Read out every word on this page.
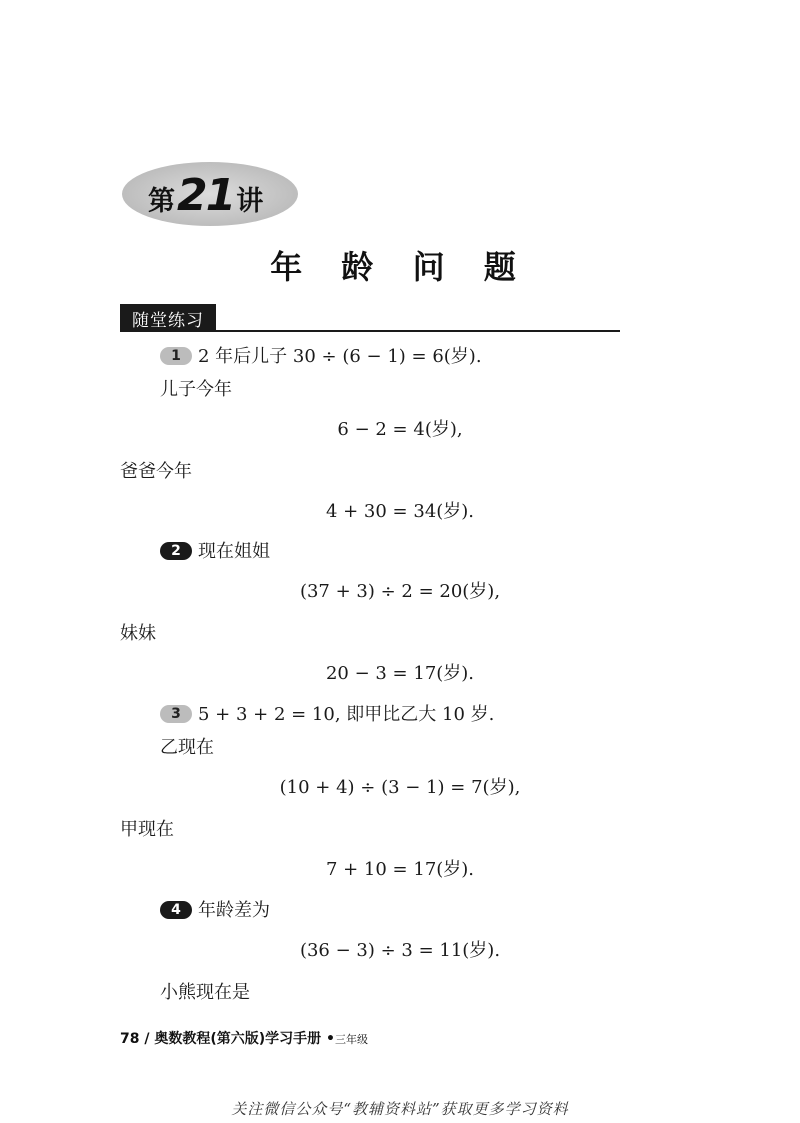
第 21 讲
年 龄 问 题
随堂练习
1 2 年后儿子 30 ÷ (6 − 1) = 6(岁).
儿子今年
6 − 2 = 4(岁),
爸爸今年
4 + 30 = 34(岁).
2 现在姐姐
(37 + 3) ÷ 2 = 20(岁),
妹妹
20 − 3 = 17(岁).
3 5 + 3 + 2 = 10, 即甲比乙大 10 岁.
乙现在
(10 + 4) ÷ (3 − 1) = 7(岁),
甲现在
7 + 10 = 17(岁).
4 年龄差为
(36 − 3) ÷ 3 = 11(岁).
小熊现在是
78 / 奥数教程(第六版)学习手册 •三年级
关注微信公众号“教辅资料站”获取更多学习资料
